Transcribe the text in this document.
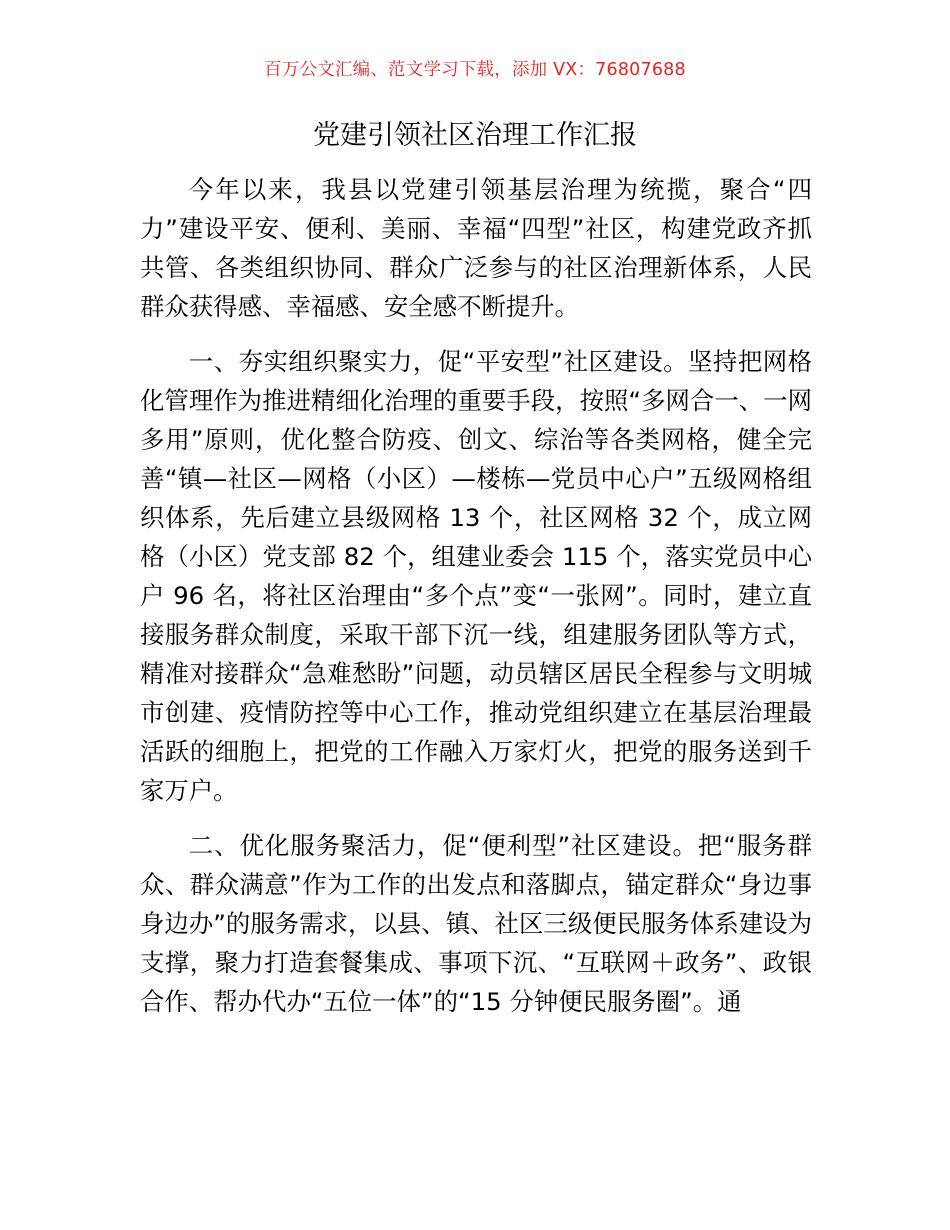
百万公文汇编、范文学习下载，添加 VX：76807688
党建引领社区治理工作汇报

今年以来，我县以党建引领基层治理为统揽，聚合“四力”建设平安、便利、美丽、幸福“四型”社区，构建党政齐抓共管、各类组织协同、群众广泛参与的社区治理新体系，人民群众获得感、幸福感、安全感不断提升。

一、夯实组织聚实力，促“平安型”社区建设。坚持把网格化管理作为推进精细化治理的重要手段，按照“多网合一、一网多用”原则，优化整合防疫、创文、综治等各类网格，健全完善“镇—社区—网格（小区）—楼栋—党员中心户”五级网格组织体系，先后建立县级网格 13 个，社区网格 32 个，成立网格（小区）党支部 82 个，组建业委会 115 个，落实党员中心户 96 名，将社区治理由“多个点”变“一张网”。同时，建立直接服务群众制度，采取干部下沉一线，组建服务团队等方式，精准对接群众“急难愁盼”问题，动员辖区居民全程参与文明城市创建、疫情防控等中心工作，推动党组织建立在基层治理最活跃的细胞上，把党的工作融入万家灯火，把党的服务送到千家万户。

二、优化服务聚活力，促“便利型”社区建设。把“服务群众、群众满意”作为工作的出发点和落脚点，锚定群众“身边事身边办”的服务需求，以县、镇、社区三级便民服务体系建设为支撑，聚力打造套餐集成、事项下沉、“互联网＋政务”、政银合作、帮办代办“五位一体”的“15 分钟便民服务圈”。通
